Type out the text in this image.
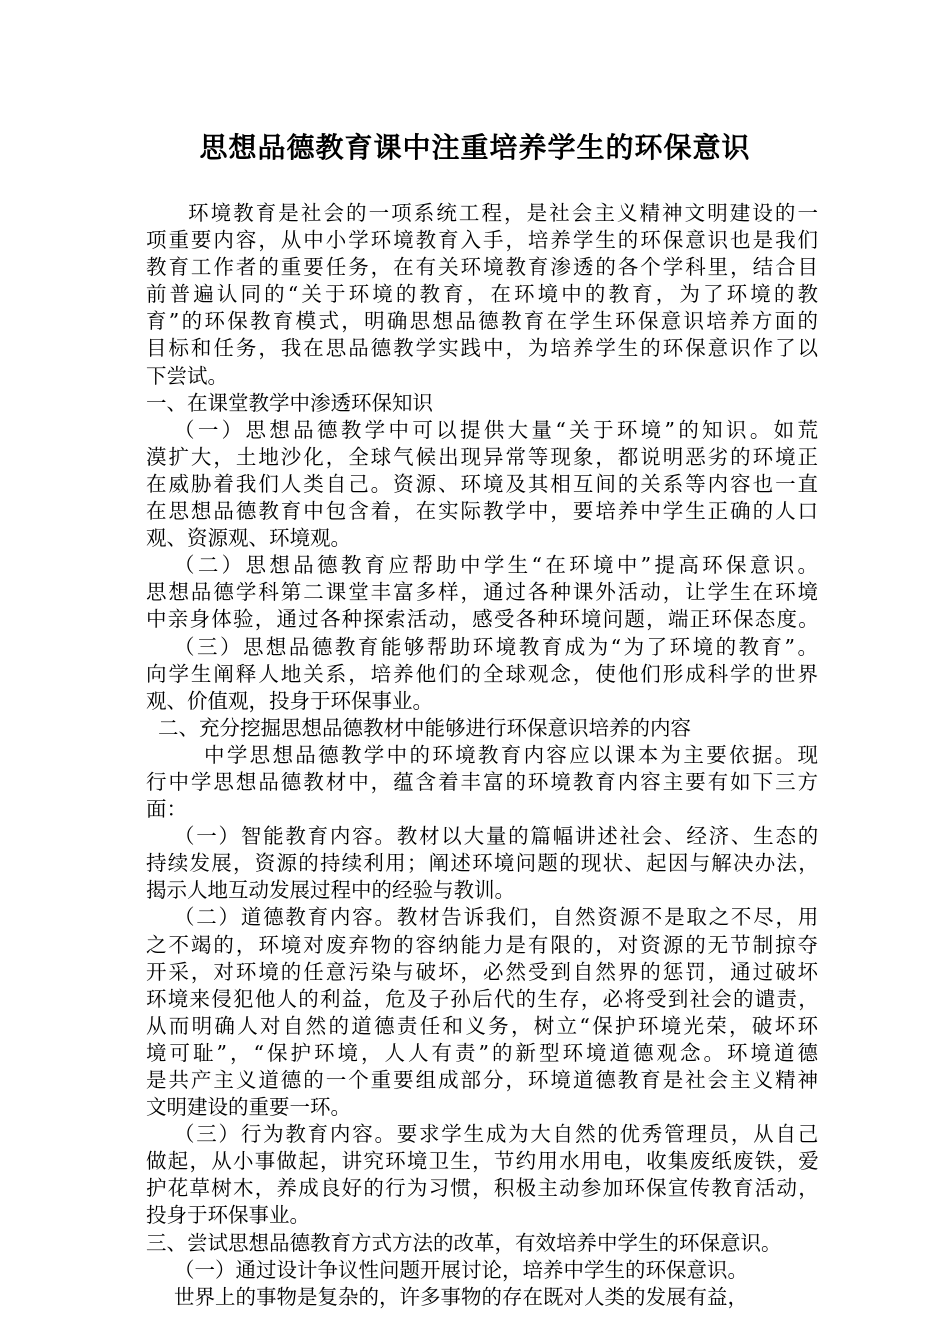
思想品德教育课中注重培养学生的环保意识
环境教育是社会的一项系统工程，是社会主义精神文明建设的一
项重要内容，从中小学环境教育入手，培养学生的环保意识也是我们
教育工作者的重要任务，在有关环境教育渗透的各个学科里，结合目
前普遍认同的“关于环境的教育，在环境中的教育，为了环境的教
育”的环保教育模式，明确思想品德教育在学生环保意识培养方面的
目标和任务，我在思品德教学实践中，为培养学生的环保意识作了以
下尝试。
一、在课堂教学中渗透环保知识
（一）思想品德教学中可以提供大量“关于环境”的知识。如荒
漠扩大，土地沙化，全球气候出现异常等现象，都说明恶劣的环境正
在威胁着我们人类自己。资源、环境及其相互间的关系等内容也一直
在思想品德教育中包含着，在实际教学中，要培养中学生正确的人口
观、资源观、环境观。
（二）思想品德教育应帮助中学生“在环境中”提高环保意识。
思想品德学科第二课堂丰富多样，通过各种课外活动，让学生在环境
中亲身体验，通过各种探索活动，感受各种环境问题，端正环保态度。
（三）思想品德教育能够帮助环境教育成为“为了环境的教育”。
向学生阐释人地关系，培养他们的全球观念，使他们形成科学的世界
观、价值观，投身于环保事业。
二、充分挖掘思想品德教材中能够进行环保意识培养的内容
中学思想品德教学中的环境教育内容应以课本为主要依据。现
行中学思想品德教材中，蕴含着丰富的环境教育内容主要有如下三方
面：
（一）智能教育内容。教材以大量的篇幅讲述社会、经济、生态的
持续发展，资源的持续利用；阐述环境问题的现状、起因与解决办法，
揭示人地互动发展过程中的经验与教训。
（二）道德教育内容。教材告诉我们，自然资源不是取之不尽，用
之不竭的，环境对废弃物的容纳能力是有限的，对资源的无节制掠夺
开采，对环境的任意污染与破坏，必然受到自然界的惩罚，通过破坏
环境来侵犯他人的利益，危及子孙后代的生存，必将受到社会的谴责，
从而明确人对自然的道德责任和义务，树立“保护环境光荣，破坏环
境可耻”，“保护环境，人人有责”的新型环境道德观念。环境道德
是共产主义道德的一个重要组成部分，环境道德教育是社会主义精神
文明建设的重要一环。
（三）行为教育内容。要求学生成为大自然的优秀管理员，从自己
做起，从小事做起，讲究环境卫生，节约用水用电，收集废纸废铁，爱
护花草树木，养成良好的行为习惯，积极主动参加环保宣传教育活动，
投身于环保事业。
三、尝试思想品德教育方式方法的改革，有效培养中学生的环保意识。
（一）通过设计争议性问题开展讨论，培养中学生的环保意识。
世界上的事物是复杂的，许多事物的存在既对人类的发展有益，
